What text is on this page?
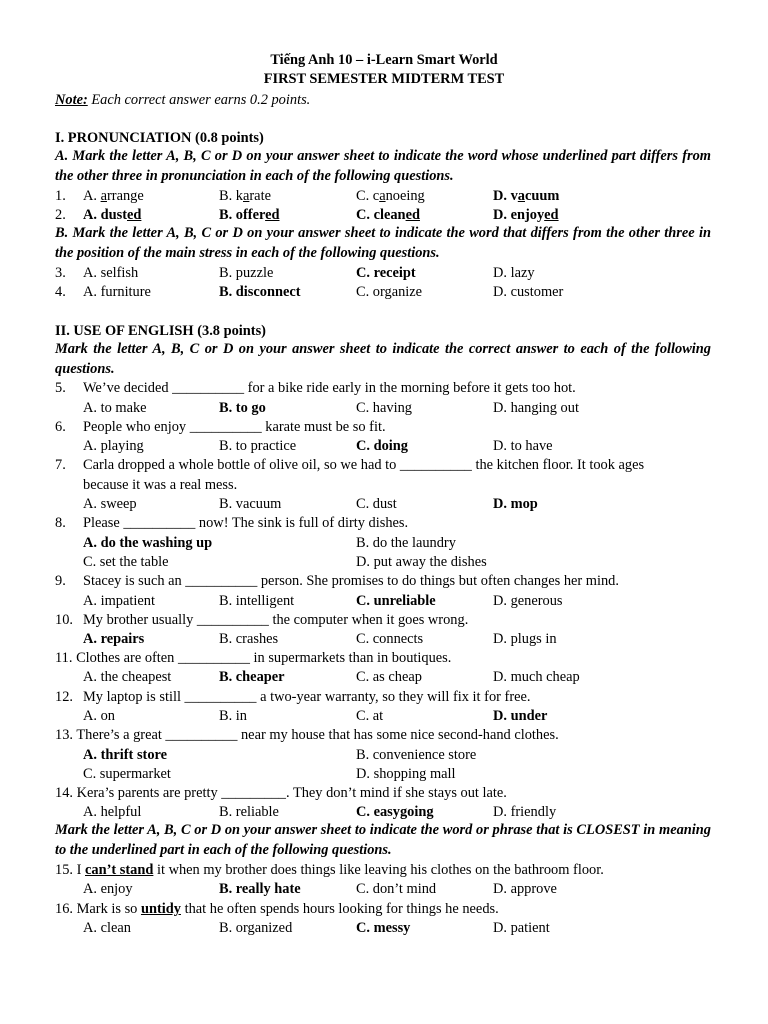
Tiếng Anh 10 – i-Learn Smart World
FIRST SEMESTER MIDTERM TEST
Note: Each correct answer earns 0.2 points.
I. PRONUNCIATION (0.8 points)
A. Mark the letter A, B, C or D on your answer sheet to indicate the word whose underlined part differs from the other three in pronunciation in each of the following questions.
1. A. arrange	B. karate	C. canoeing	D. vacuum
2. A. dusted	B. offered	C. cleaned	D. enjoyed
B. Mark the letter A, B, C or D on your answer sheet to indicate the word that differs from the other three in the position of the main stress in each of the following questions.
3. A. selfish	B. puzzle	C. receipt	D. lazy
4. A. furniture	B. disconnect	C. organize	D. customer
II. USE OF ENGLISH (3.8 points)
Mark the letter A, B, C or D on your answer sheet to indicate the correct answer to each of the following questions.
5. We’ve decided __________ for a bike ride early in the morning before it gets too hot.
A. to make	B. to go	C. having	D. hanging out
6. People who enjoy __________ karate must be so fit.
A. playing	B. to practice	C. doing	D. to have
7. Carla dropped a whole bottle of olive oil, so we had to __________ the kitchen floor. It took ages
because it was a real mess.
A. sweep	B. vacuum	C. dust	D. mop
8. Please __________ now! The sink is full of dirty dishes.
A. do the washing up	B. do the laundry
C. set the table	D. put away the dishes
9. Stacey is such an __________ person. She promises to do things but often changes her mind.
A. impatient	B. intelligent	C. unreliable	D. generous
10. My brother usually __________ the computer when it goes wrong.
A. repairs	B. crashes	C. connects	D. plugs in
11. Clothes are often __________ in supermarkets than in boutiques.
A. the cheapest	B. cheaper	C. as cheap	D. much cheap
12. My laptop is still __________ a two-year warranty, so they will fix it for free.
A. on	B. in	C. at	D. under
13. There’s a great __________ near my house that has some nice second-hand clothes.
A. thrift store	B. convenience store
C. supermarket	D. shopping mall
14. Kera’s parents are pretty _________. They don’t mind if she stays out late.
A. helpful	B. reliable	C. easygoing	D. friendly
Mark the letter A, B, C or D on your answer sheet to indicate the word or phrase that is CLOSEST in meaning to the underlined part in each of the following questions.
15. I can’t stand it when my brother does things like leaving his clothes on the bathroom floor.
A. enjoy	B. really hate	C. don’t mind	D. approve
16. Mark is so untidy that he often spends hours looking for things he needs.
A. clean	B. organized	C. messy	D. patient
